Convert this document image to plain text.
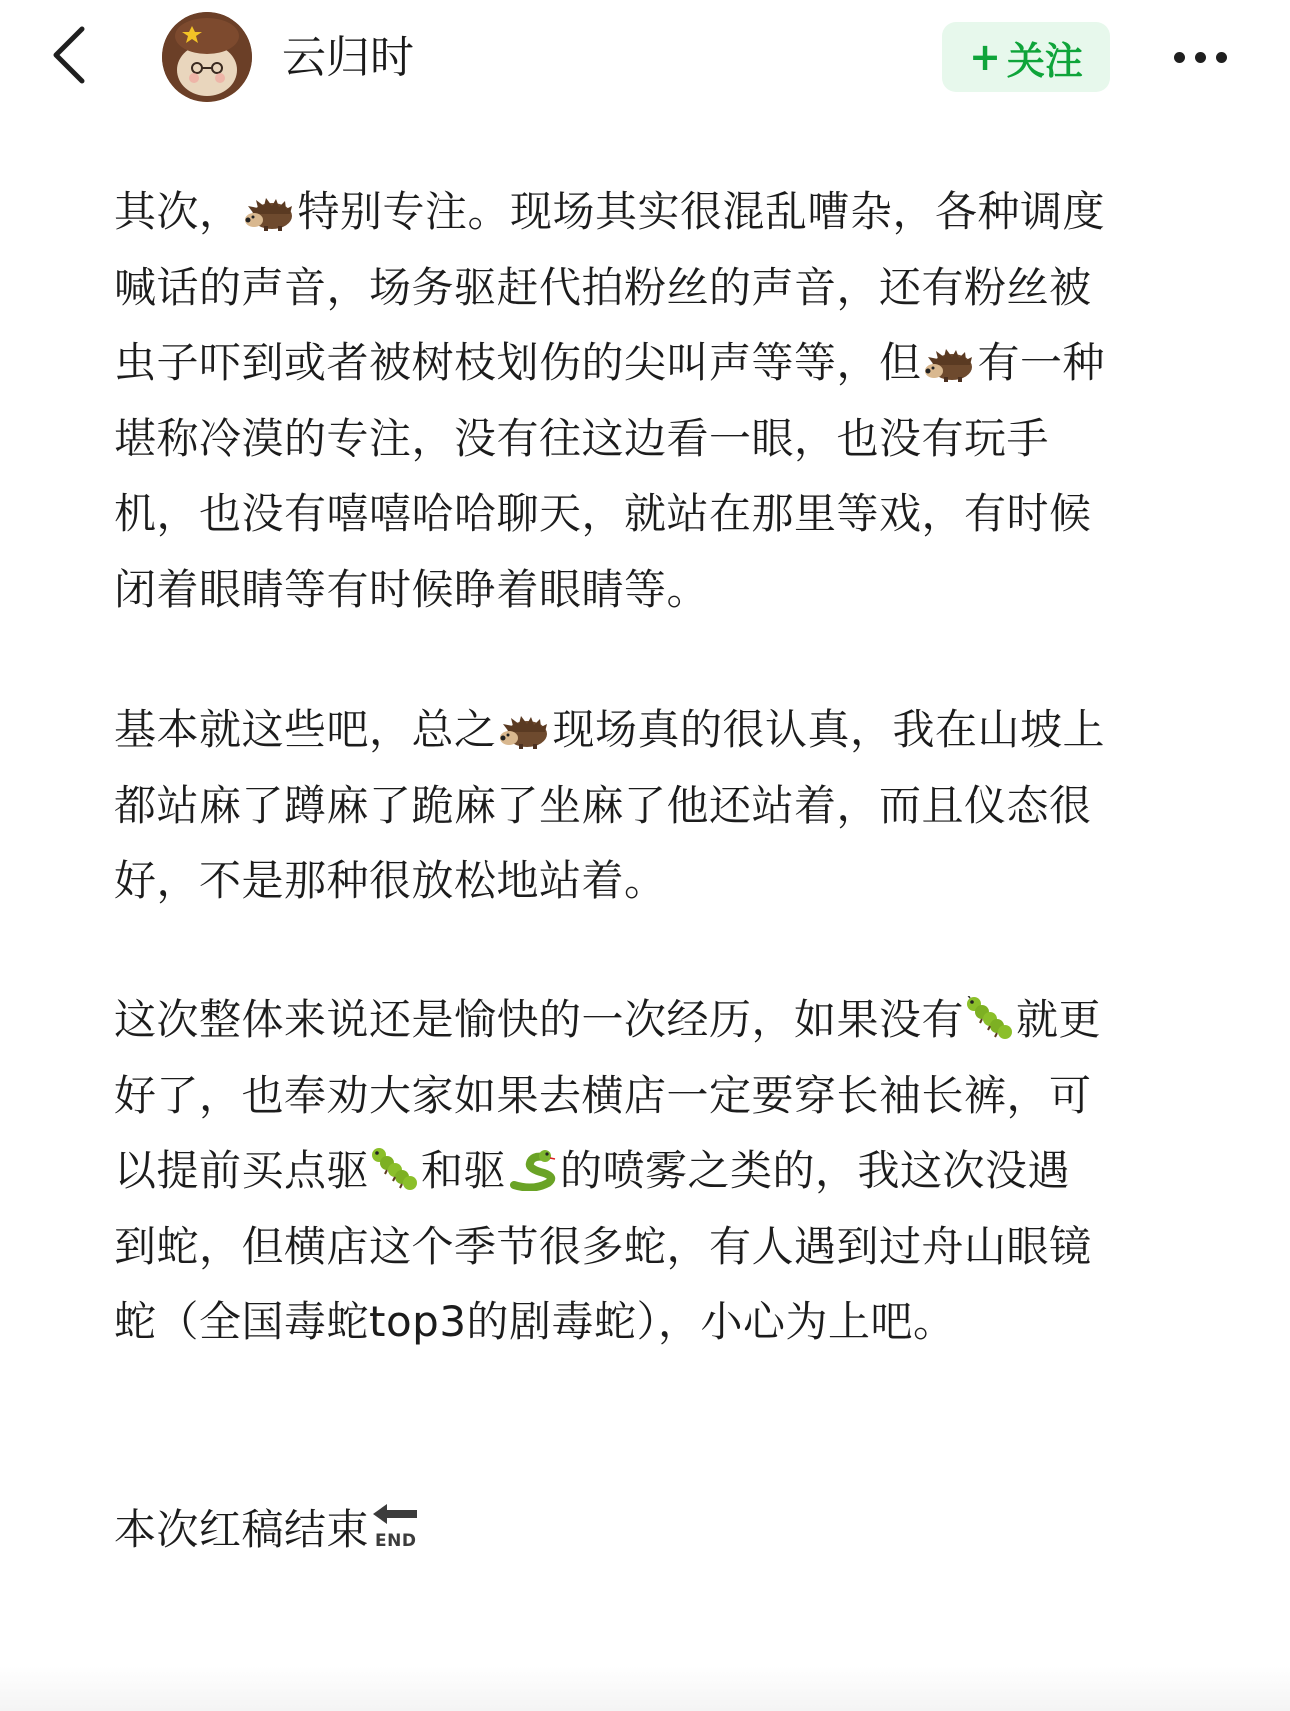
云归时	+ 关注

其次， 特别专注。现场其实很混乱嘈杂，各种调度
喊话的声音，场务驱赶代拍粉丝的声音，还有粉丝被
虫子吓到或者被树枝划伤的尖叫声等等，但 有一种
堪称冷漠的专注，没有往这边看一眼，也没有玩手
机，也没有嘻嘻哈哈聊天，就站在那里等戏，有时候
闭着眼睛等有时候睁着眼睛等。

基本就这些吧，总之 现场真的很认真，我在山坡上
都站麻了蹲麻了跪麻了坐麻了他还站着，而且仪态很
好，不是那种很放松地站着。

这次整体来说还是愉快的一次经历，如果没有 就更
好了，也奉劝大家如果去横店一定要穿长袖长裤，可
以提前买点驱 和驱 的喷雾之类的，我这次没遇
到蛇，但横店这个季节很多蛇，有人遇到过舟山眼镜
蛇（全国毒蛇top3的剧毒蛇），小心为上吧。

本次红稿结束 END
